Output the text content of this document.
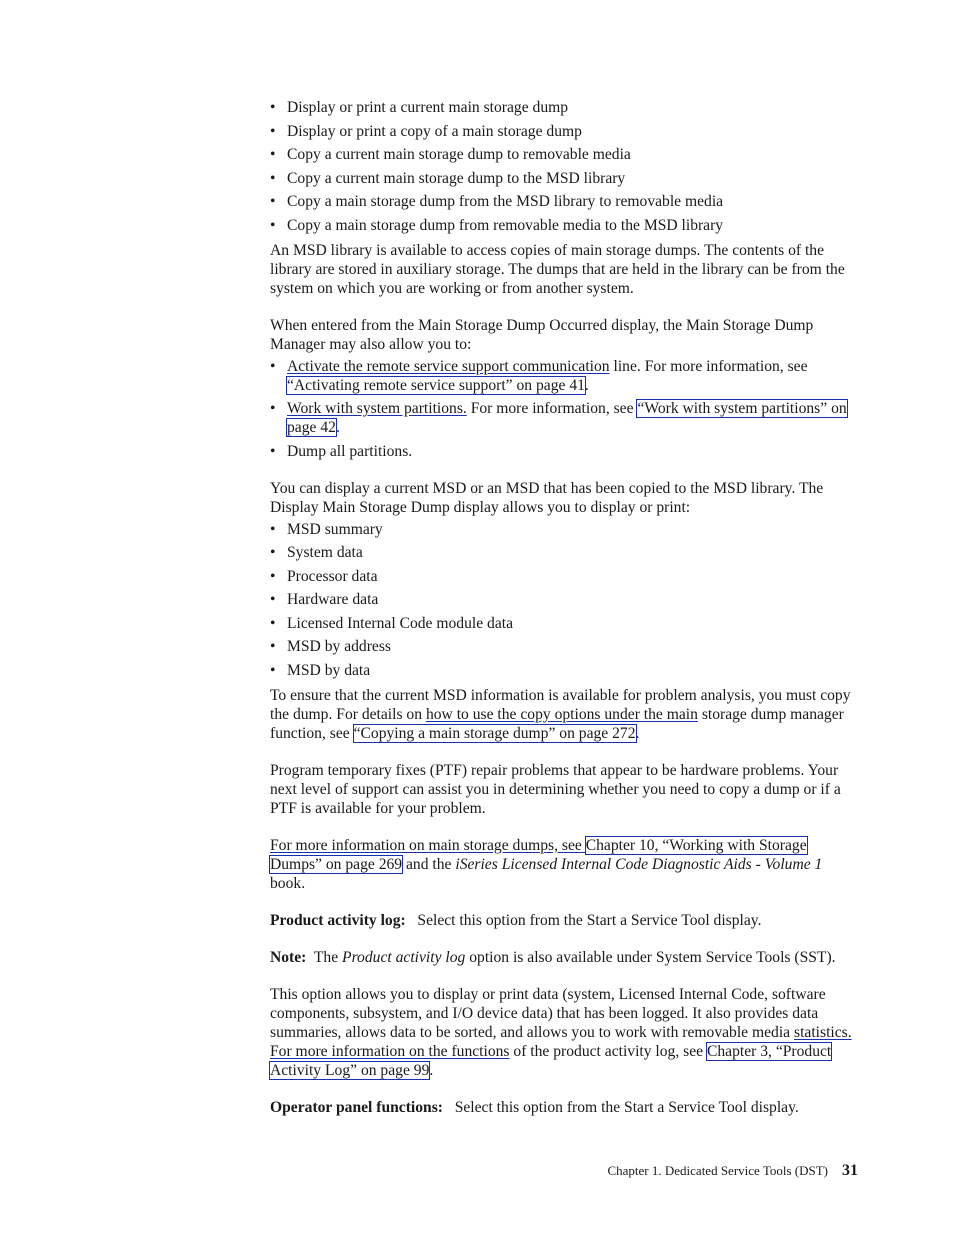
• Display or print a current main storage dump
• Display or print a copy of a main storage dump
• Copy a current main storage dump to removable media
• Copy a current main storage dump to the MSD library
• Copy a main storage dump from the MSD library to removable media
• Copy a main storage dump from removable media to the MSD library

An MSD library is available to access copies of main storage dumps. The contents of the library are stored in auxiliary storage. The dumps that are held in the library can be from the system on which you are working or from another system.

When entered from the Main Storage Dump Occurred display, the Main Storage Dump Manager may also allow you to:

• Activate the remote service support communication line. For more information, see “Activating remote service support” on page 41.
• Work with system partitions. For more information, see “Work with system partitions” on page 42.
• Dump all partitions.

You can display a current MSD or an MSD that has been copied to the MSD library. The Display Main Storage Dump display allows you to display or print:

• MSD summary
• System data
• Processor data
• Hardware data
• Licensed Internal Code module data
• MSD by address
• MSD by data

To ensure that the current MSD information is available for problem analysis, you must copy the dump. For details on how to use the copy options under the main storage dump manager function, see “Copying a main storage dump” on page 272.

Program temporary fixes (PTF) repair problems that appear to be hardware problems. Your next level of support can assist you in determining whether you need to copy a dump or if a PTF is available for your problem.

For more information on main storage dumps, see Chapter 10, “Working with Storage Dumps” on page 269 and the iSeries Licensed Internal Code Diagnostic Aids - Volume 1 book.

Product activity log: Select this option from the Start a Service Tool display.

Note: The Product activity log option is also available under System Service Tools (SST).

This option allows you to display or print data (system, Licensed Internal Code, software components, subsystem, and I/O device data) that has been logged. It also provides data summaries, allows data to be sorted, and allows you to work with removable media statistics. For more information on the functions of the product activity log, see Chapter 3, “Product Activity Log” on page 99.

Operator panel functions: Select this option from the Start a Service Tool display.

Chapter 1. Dedicated Service Tools (DST) 31
